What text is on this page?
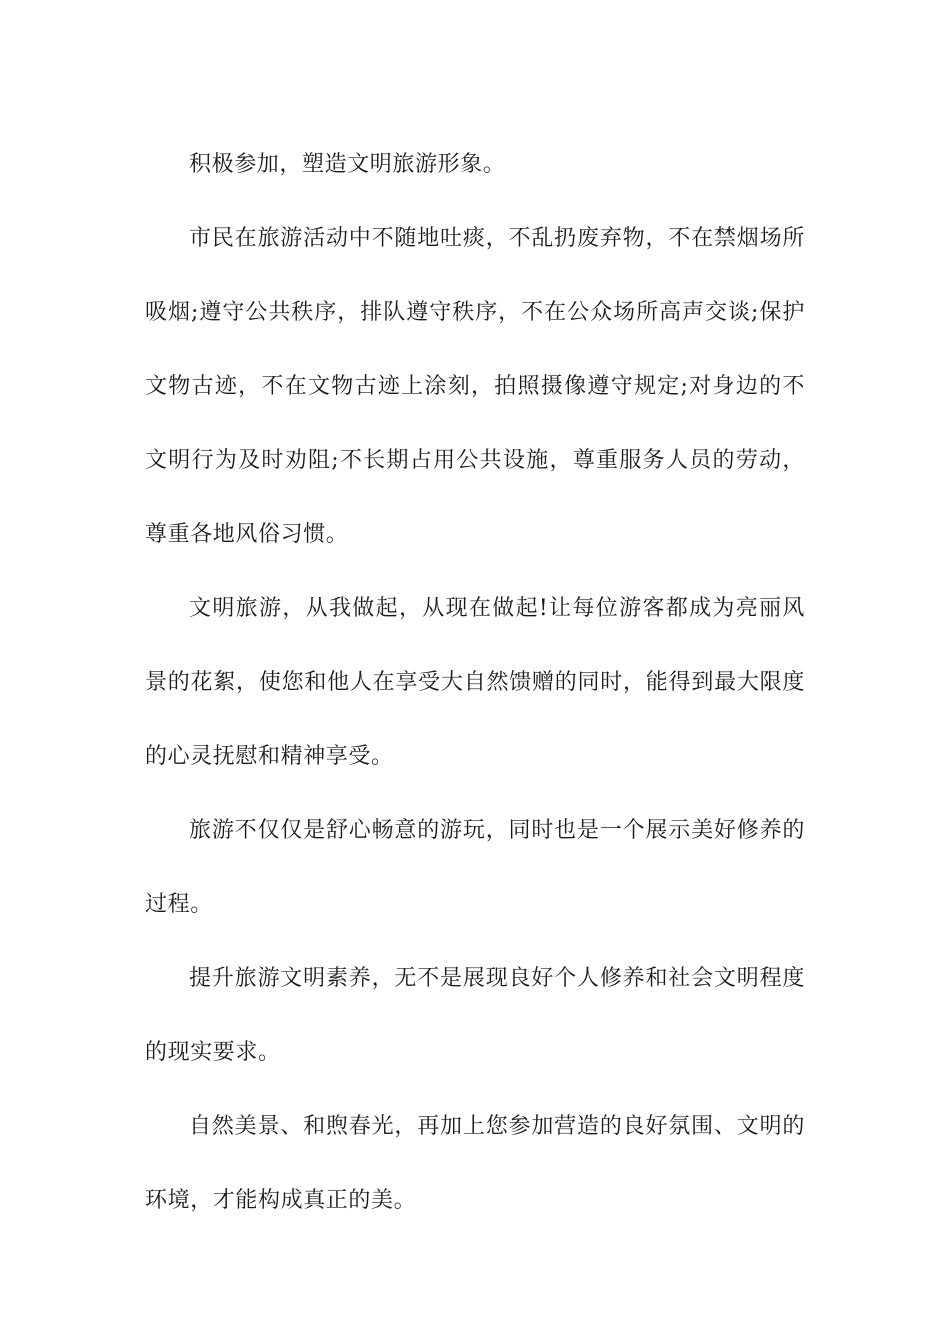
积极参加，塑造文明旅游形象。

市民在旅游活动中不随地吐痰，不乱扔废弃物，不在禁烟场所吸烟;遵守公共秩序，排队遵守秩序，不在公众场所高声交谈;保护文物古迹，不在文物古迹上涂刻，拍照摄像遵守规定;对身边的不文明行为及时劝阻;不长期占用公共设施，尊重服务人员的劳动，尊重各地风俗习惯。

文明旅游，从我做起，从现在做起!让每位游客都成为亮丽风景的花絮，使您和他人在享受大自然馈赠的同时，能得到最大限度的心灵抚慰和精神享受。

旅游不仅仅是舒心畅意的游玩，同时也是一个展示美好修养的过程。

提升旅游文明素养，无不是展现良好个人修养和社会文明程度的现实要求。

自然美景、和煦春光，再加上您参加营造的良好氛围、文明的环境，才能构成真正的美。
